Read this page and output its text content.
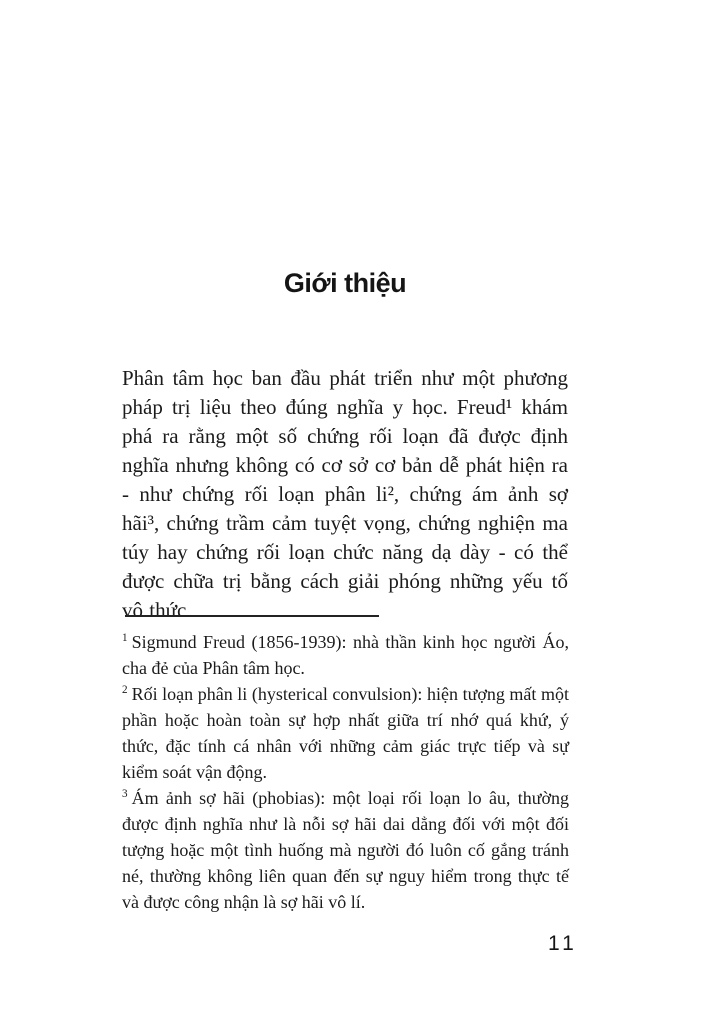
Giới thiệu

Phân tâm học ban đầu phát triển như một phương pháp trị liệu theo đúng nghĩa y học. Freud¹ khám phá ra rằng một số chứng rối loạn đã được định nghĩa nhưng không có cơ sở cơ bản dễ phát hiện ra - như chứng rối loạn phân li², chứng ám ảnh sợ hãi³, chứng trầm cảm tuyệt vọng, chứng nghiện ma túy hay chứng rối loạn chức năng dạ dày - có thể được chữa trị bằng cách giải phóng những yếu tố vô thức

$^1$ Sigmund Freud (1856-1939): nhà thần kinh học người Áo, cha đẻ của Phân tâm học.

$^2$ Rối loạn phân li (hysterical convulsion): hiện tượng mất một phần hoặc hoàn toàn sự hợp nhất giữa trí nhớ quá khứ, ý thức, đặc tính cá nhân với những cảm giác trực tiếp và sự kiểm soát vận động.

$^3$ Ám ảnh sợ hãi (phobias): một loại rối loạn lo âu, thường được định nghĩa như là nỗi sợ hãi dai dẳng đối với một đối tượng hoặc một tình huống mà người đó luôn cố gắng tránh né, thường không liên quan đến sự nguy hiểm trong thực tế và được công nhận là sợ hãi vô lí.

11
